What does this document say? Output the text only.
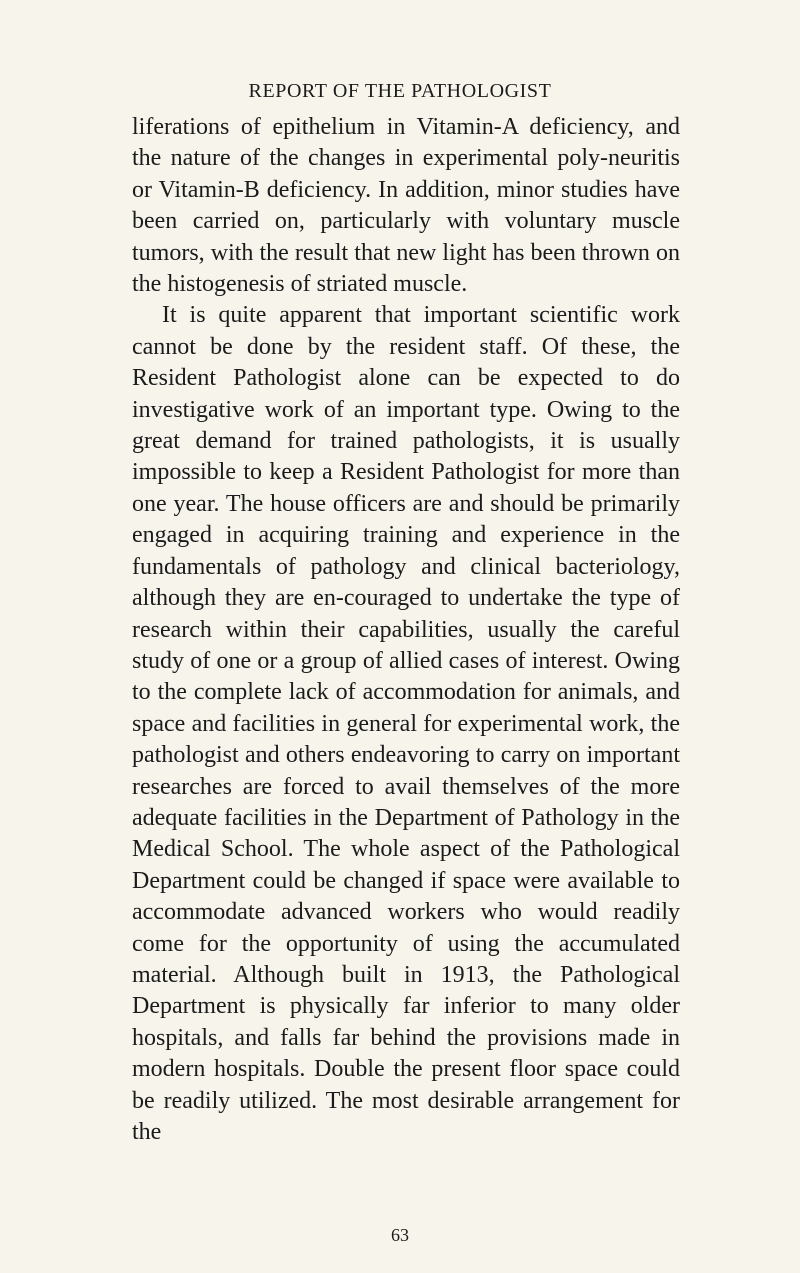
REPORT OF THE PATHOLOGIST

liferations of epithelium in Vitamin-A deficiency, and the nature of the changes in experimental poly-neuritis or Vitamin-B deficiency. In addition, minor studies have been carried on, particularly with voluntary muscle tumors, with the result that new light has been thrown on the histogenesis of striated muscle.

It is quite apparent that important scientific work cannot be done by the resident staff. Of these, the Resident Pathologist alone can be expected to do investigative work of an important type. Owing to the great demand for trained pathologists, it is usually impossible to keep a Resident Pathologist for more than one year. The house officers are and should be primarily engaged in acquiring training and experience in the fundamentals of pathology and clinical bacteriology, although they are en-couraged to undertake the type of research within their capabilities, usually the careful study of one or a group of allied cases of interest. Owing to the complete lack of accommodation for animals, and space and facilities in general for experimental work, the pathologist and others endeavoring to carry on important researches are forced to avail themselves of the more adequate facilities in the Department of Pathology in the Medical School. The whole aspect of the Pathological Department could be changed if space were available to accommodate advanced workers who would readily come for the opportunity of using the accumulated material. Although built in 1913, the Pathological Department is physically far inferior to many older hospitals, and falls far behind the provisions made in modern hospitals. Double the present floor space could be readily utilized. The most desirable arrangement for the

63
